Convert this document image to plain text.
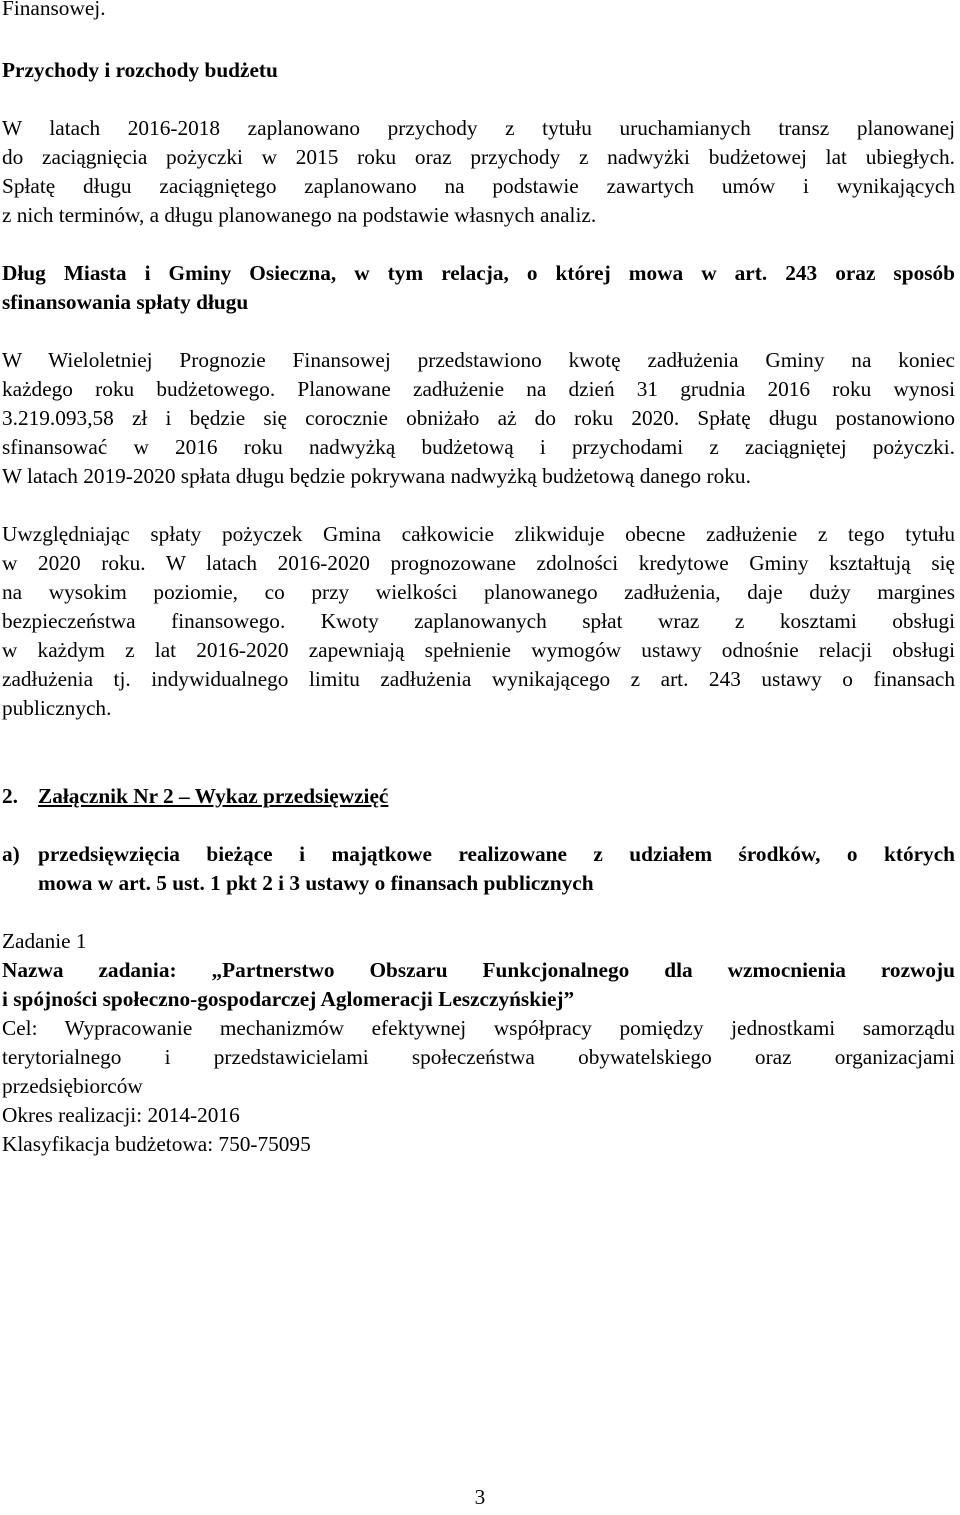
Finansowej.
Przychody i rozchody budżetu
W latach 2016-2018 zaplanowano przychody z tytułu uruchamianych transz planowanej
do zaciągnięcia pożyczki w 2015 roku oraz przychody z nadwyżki budżetowej lat ubiegłych.
Spłatę długu zaciągniętego zaplanowano na podstawie zawartych umów i wynikających
z nich terminów, a długu planowanego na podstawie własnych analiz.
Dług Miasta i Gminy Osieczna, w tym relacja, o której mowa w art. 243 oraz sposób
sfinansowania spłaty długu
W Wieloletniej Prognozie Finansowej przedstawiono kwotę zadłużenia Gminy na koniec
każdego roku budżetowego. Planowane zadłużenie na dzień 31 grudnia 2016 roku wynosi
3.219.093,58 zł i będzie się corocznie obniżało aż do roku 2020. Spłatę długu postanowiono
sfinansować w 2016 roku nadwyżką budżetową i przychodami z zaciągniętej pożyczki.
W latach 2019-2020 spłata długu będzie pokrywana nadwyżką budżetową danego roku.
Uwzględniając spłaty pożyczek Gmina całkowicie zlikwiduje obecne zadłużenie z tego tytułu
w 2020 roku. W latach 2016-2020 prognozowane zdolności kredytowe Gminy kształtują się
na wysokim poziomie, co przy wielkości planowanego zadłużenia, daje duży margines
bezpieczeństwa finansowego. Kwoty zaplanowanych spłat wraz z kosztami obsługi
w każdym z lat 2016-2020 zapewniają spełnienie wymogów ustawy odnośnie relacji obsługi
zadłużenia tj. indywidualnego limitu zadłużenia wynikającego z art. 243 ustawy o finansach
publicznych.
2. Załącznik Nr 2 – Wykaz przedsięwzięć
a) przedsięwzięcia bieżące i majątkowe realizowane z udziałem środków, o których
mowa w art. 5 ust. 1 pkt 2 i 3 ustawy o finansach publicznych
Zadanie 1
Nazwa zadania: „Partnerstwo Obszaru Funkcjonalnego dla wzmocnienia rozwoju
i spójności społeczno-gospodarczej Aglomeracji Leszczyńskiej”
Cel: Wypracowanie mechanizmów efektywnej współpracy pomiędzy jednostkami samorządu
terytorialnego i przedstawicielami społeczeństwa obywatelskiego oraz organizacjami
przedsiębiorców
Okres realizacji: 2014-2016
Klasyfikacja budżetowa: 750-75095
3
